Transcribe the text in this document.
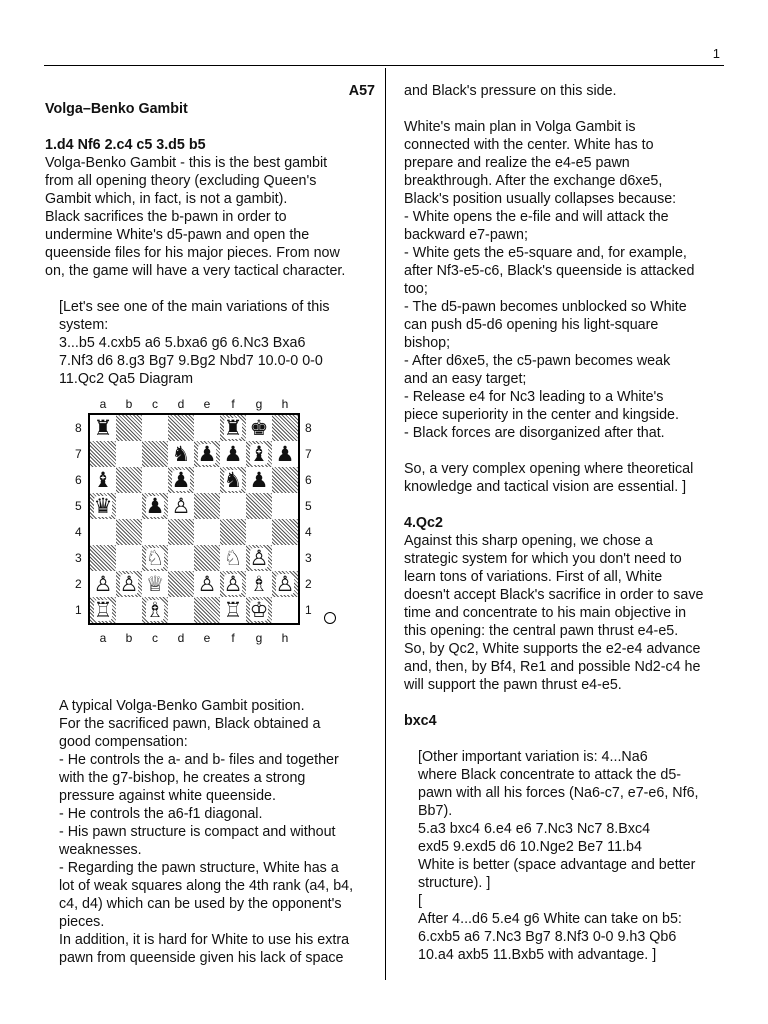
1
A57

Volga–Benko Gambit

1.d4 Nf6 2.c4 c5 3.d5 b5

Volga-Benko Gambit - this is the best gambit

from all opening theory (excluding Queen's

Gambit which, in fact, is not a gambit).

Black sacrifices the b-pawn in order to

undermine White's d5-pawn and open the

queenside files for his major pieces. From now

on, the game will have a very tactical character.

[Let's see one of the main variations of this

system:

3...b5 4.cxb5 a6 5.bxa6 g6 6.Nc3 Bxa6

7.Nf3 d6 8.g3 Bg7 9.Bg2 Nbd7 10.0-0 0-0

11.Qc2 Qa5 Diagram

a	b	c	d	e	f	g	h
8
7
6
5
4
3
2
1
♜	♜ ♚
♞ ♟ ♟ ♝ ♟
♝	♟ ♞ ♟
♛ ♟ ♙
♘	♘ ♙
♙ ♙ ♕ ♙ ♙ ♗ ♙
♖ ♗	♖ ♔
8
7
6
5
4
3
2
1
a	b	c	d	e	f	g	h

A typical Volga-Benko Gambit position.

For the sacrificed pawn, Black obtained a

good compensation:

- He controls the a- and b- files and together

with the g7-bishop, he creates a strong

pressure against white queenside.

- He controls the a6-f1 diagonal.

- His pawn structure is compact and without

weaknesses.

- Regarding the pawn structure, White has a

lot of weak squares along the 4th rank (a4, b4,

c4, d4) which can be used by the opponent's

pieces.

In addition, it is hard for White to use his extra

pawn from queenside given his lack of space

and Black's pressure on this side.

White's main plan in Volga Gambit is

connected with the center. White has to

prepare and realize the e4-e5 pawn

breakthrough. After the exchange d6xe5,

Black's position usually collapses because:

- White opens the e-file and will attack the

backward e7-pawn;

- White gets the e5-square and, for example,

after Nf3-e5-c6, Black's queenside is attacked

too;

- The d5-pawn becomes unblocked so White

can push d5-d6 opening his light-square

bishop;

- After d6xe5, the c5-pawn becomes weak

and an easy target;

- Release e4 for Nc3 leading to a White's

piece superiority in the center and kingside.

- Black forces are disorganized after that.

So, a very complex opening where theoretical

knowledge and tactical vision are essential. ]

4.Qc2

Against this sharp opening, we chose a

strategic system for which you don't need to

learn tons of variations. First of all, White

doesn't accept Black's sacrifice in order to save

time and concentrate to his main objective in

this opening: the central pawn thrust e4-e5.

So, by Qc2, White supports the e2-e4 advance

and, then, by Bf4, Re1 and possible Nd2-c4 he

will support the pawn thrust e4-e5.

bxc4

[Other important variation is: 4...Na6

where Black concentrate to attack the d5-

pawn with all his forces (Na6-c7, e7-e6, Nf6,

Bb7).

5.a3 bxc4 6.e4 e6 7.Nc3 Nc7 8.Bxc4

exd5 9.exd5 d6 10.Nge2 Be7 11.b4

White is better (space advantage and better

structure). ]

[

After 4...d6 5.e4 g6 White can take on b5:

6.cxb5 a6 7.Nc3 Bg7 8.Nf3 0-0 9.h3 Qb6

10.a4 axb5 11.Bxb5 with advantage. ]
